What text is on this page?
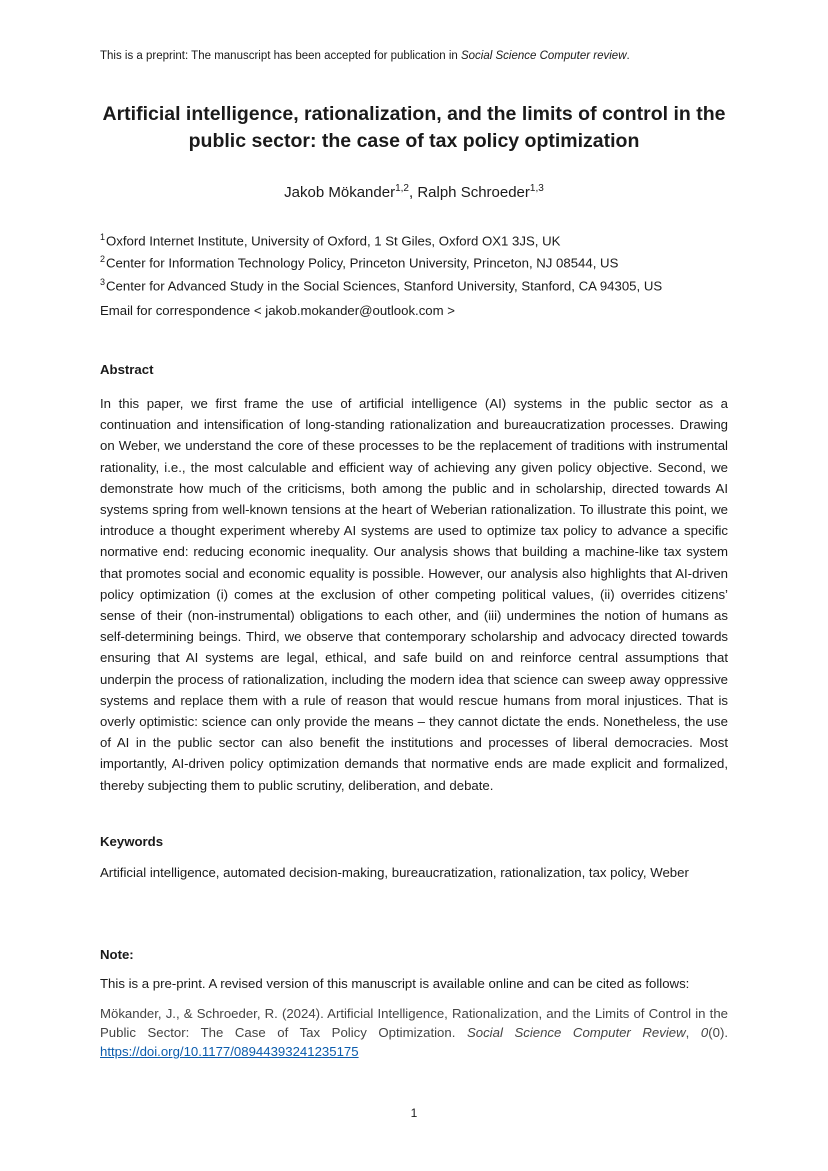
This is a preprint: The manuscript has been accepted for publication in Social Science Computer review.
Artificial intelligence, rationalization, and the limits of control in the public sector: the case of tax policy optimization
Jakob Mökander$^{1,2}$, Ralph Schroeder$^{1,3}$
$^1$Oxford Internet Institute, University of Oxford, 1 St Giles, Oxford OX1 3JS, UK
$^2$Center for Information Technology Policy, Princeton University, Princeton, NJ 08544, US
$^3$Center for Advanced Study in the Social Sciences, Stanford University, Stanford, CA 94305, US
Email for correspondence < jakob.mokander@outlook.com >
Abstract
In this paper, we first frame the use of artificial intelligence (AI) systems in the public sector as a continuation and intensification of long-standing rationalization and bureaucratization processes. Drawing on Weber, we understand the core of these processes to be the replacement of traditions with instrumental rationality, i.e., the most calculable and efficient way of achieving any given policy objective. Second, we demonstrate how much of the criticisms, both among the public and in scholarship, directed towards AI systems spring from well-known tensions at the heart of Weberian rationalization. To illustrate this point, we introduce a thought experiment whereby AI systems are used to optimize tax policy to advance a specific normative end: reducing economic inequality. Our analysis shows that building a machine-like tax system that promotes social and economic equality is possible. However, our analysis also highlights that AI-driven policy optimization (i) comes at the exclusion of other competing political values, (ii) overrides citizens’ sense of their (non-instrumental) obligations to each other, and (iii) undermines the notion of humans as self-determining beings. Third, we observe that contemporary scholarship and advocacy directed towards ensuring that AI systems are legal, ethical, and safe build on and reinforce central assumptions that underpin the process of rationalization, including the modern idea that science can sweep away oppressive systems and replace them with a rule of reason that would rescue humans from moral injustices. That is overly optimistic: science can only provide the means – they cannot dictate the ends. Nonetheless, the use of AI in the public sector can also benefit the institutions and processes of liberal democracies. Most importantly, AI-driven policy optimization demands that normative ends are made explicit and formalized, thereby subjecting them to public scrutiny, deliberation, and debate.
Keywords
Artificial intelligence, automated decision-making, bureaucratization, rationalization, tax policy, Weber
Note:
This is a pre-print. A revised version of this manuscript is available online and can be cited as follows:
Mökander, J., & Schroeder, R. (2024). Artificial Intelligence, Rationalization, and the Limits of Control in the Public Sector: The Case of Tax Policy Optimization. Social Science Computer Review, 0(0). https://doi.org/10.1177/08944393241235175
1
